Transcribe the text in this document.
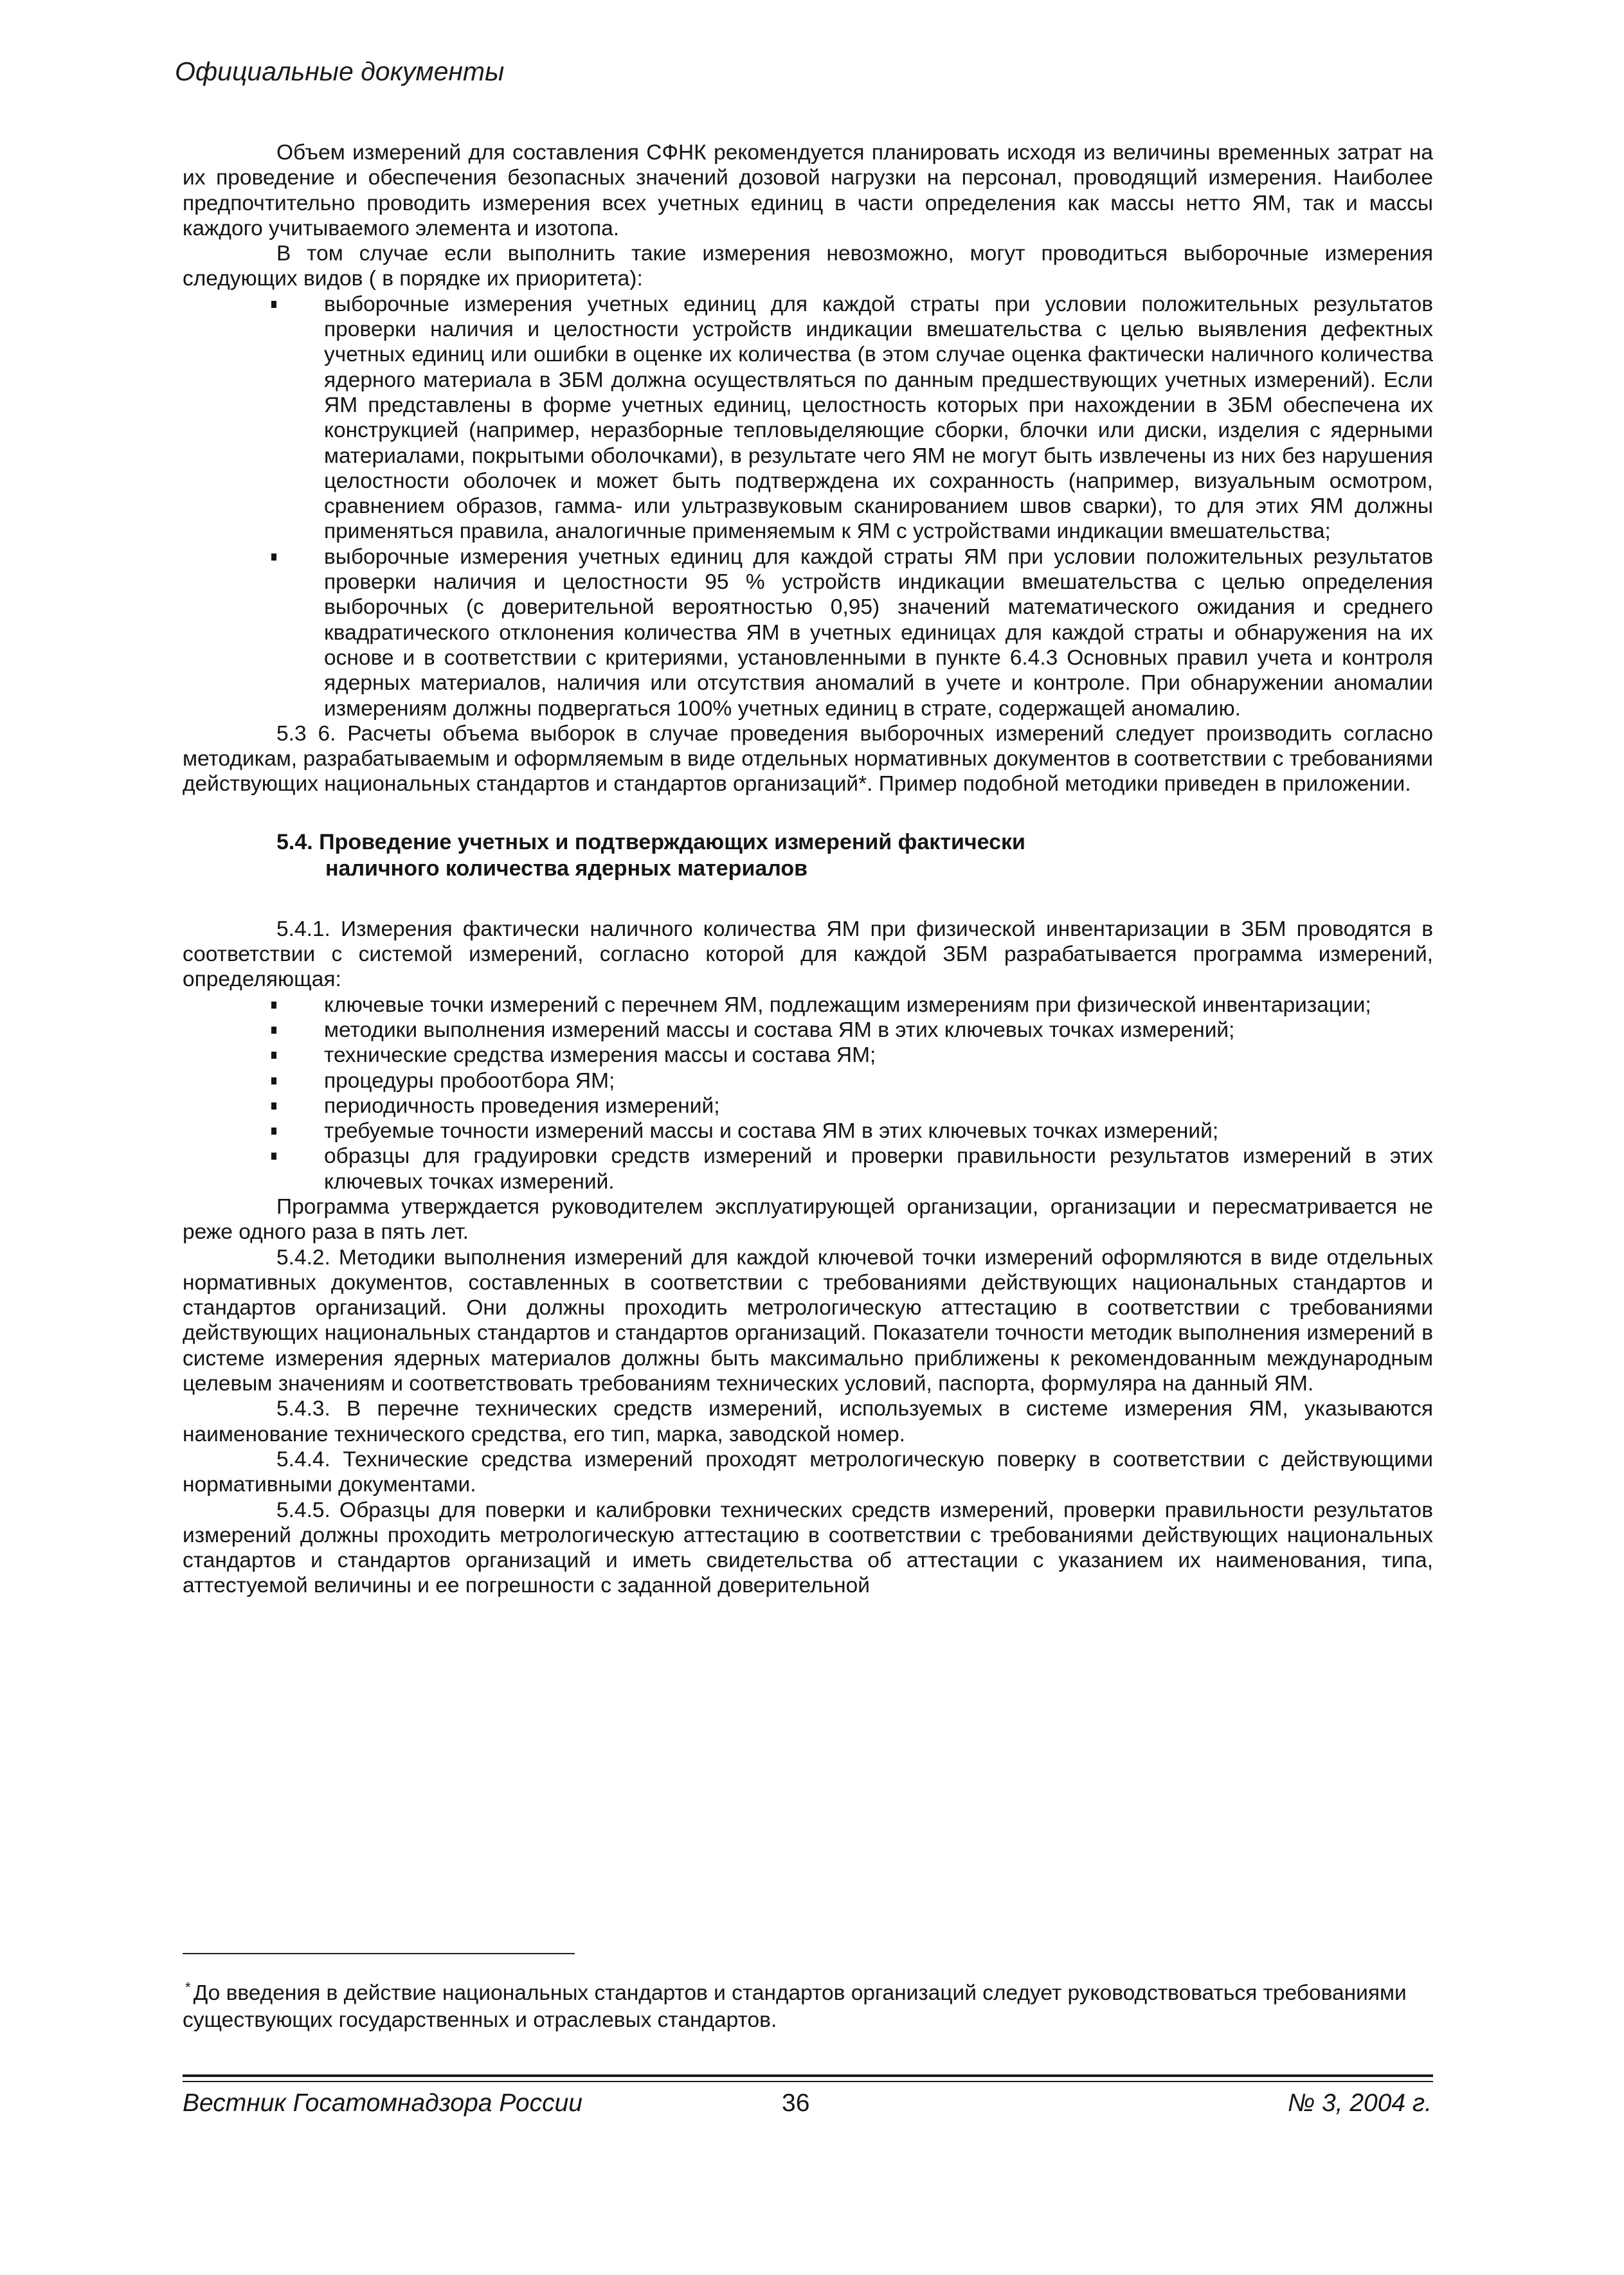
Официальные документы

Объем измерений для составления СФНК рекомендуется планировать исходя из величины временных затрат на их проведение и обеспечения безопасных значений дозовой нагрузки на персонал, проводящий измерения. Наиболее предпочтительно проводить измерения всех учетных единиц в части определения как массы нетто ЯМ, так и массы каждого учитываемого элемента и изотопа.

В том случае если выполнить такие измерения невозможно, могут проводиться выборочные измерения следующих видов ( в порядке их приоритета):

выборочные измерения учетных единиц для каждой страты при условии положительных результатов проверки наличия и целостности устройств индикации вмешательства с целью выявления дефектных учетных единиц или ошибки в оценке их количества (в этом случае оценка фактически наличного количества ядерного материала в ЗБМ должна осуществляться по данным предшествующих учетных измерений). Если ЯМ представлены в форме учетных единиц, целостность которых при нахождении в ЗБМ обеспечена их конструкцией (например, неразборные тепловыделяющие сборки, блочки или диски, изделия с ядерными материалами, покрытыми оболочками), в результате чего ЯМ не могут быть извлечены из них без нарушения целостности оболочек и может быть подтверждена их сохранность (например, визуальным осмотром, сравнением образов, гамма- или ультразвуковым сканированием швов сварки), то для этих ЯМ должны применяться правила, аналогичные применяемым к ЯМ с устройствами индикации вмешательства;
выборочные измерения учетных единиц для каждой страты ЯМ при условии положительных результатов проверки наличия и целостности 95 % устройств индикации вмешательства с целью определения выборочных (с доверительной вероятностью 0,95) значений математического ожидания и среднего квадратического отклонения количества ЯМ в учетных единицах для каждой страты и обнаружения на их основе и в соответствии с критериями, установленными в пункте 6.4.3 Основных правил учета и контроля ядерных материалов, наличия или отсутствия аномалий в учете и контроле. При обнаружении аномалии измерениям должны подвергаться 100% учетных единиц в страте, содержащей аномалию.

5.3 6. Расчеты объема выборок в случае проведения выборочных измерений следует производить согласно методикам, разрабатываемым и оформляемым в виде отдельных нормативных документов в соответствии с требованиями действующих национальных стандартов и стандартов организаций*. Пример подобной методики приведен в приложении.

5.4. Проведение учетных и подтверждающих измерений фактически
наличного количества ядерных материалов

5.4.1. Измерения фактически наличного количества ЯМ при физической инвентаризации в ЗБМ проводятся в соответствии с системой измерений, согласно которой для каждой ЗБМ разрабатывается программа измерений, определяющая:

ключевые точки измерений с перечнем ЯМ, подлежащим измерениям при физической инвентаризации;
методики выполнения измерений массы и состава ЯМ в этих ключевых точках измерений;
технические средства измерения массы и состава ЯМ;
процедуры пробоотбора ЯМ;
периодичность проведения измерений;
требуемые точности измерений массы и состава ЯМ в этих ключевых точках измерений;
образцы для градуировки средств измерений и проверки правильности результатов измерений в этих ключевых точках измерений.

Программа утверждается руководителем эксплуатирующей организации, организации и пересматривается не реже одного раза в пять лет.

5.4.2. Методики выполнения измерений для каждой ключевой точки измерений оформляются в виде отдельных нормативных документов, составленных в соответствии с требованиями действующих национальных стандартов и стандартов организаций. Они должны проходить метрологическую аттестацию в соответствии с требованиями действующих национальных стандартов и стандартов организаций. Показатели точности методик выполнения измерений в системе измерения ядерных материалов должны быть максимально приближены к рекомендованным международным целевым значениям и соответствовать требованиям технических условий, паспорта, формуляра на данный ЯМ.

5.4.3. В перечне технических средств измерений, используемых в системе измерения ЯМ, указываются наименование технического средства, его тип, марка, заводской номер.

5.4.4. Технические средства измерений проходят метрологическую поверку в соответствии с действующими нормативными документами.

5.4.5. Образцы для поверки и калибровки технических средств измерений, проверки правильности результатов измерений должны проходить метрологическую аттестацию в соответствии с требованиями действующих национальных стандартов и стандартов организаций и иметь свидетельства об аттестации с указанием их наименования, типа, аттестуемой величины и ее погрешности с заданной доверительной

* До введения в действие национальных стандартов и стандартов организаций следует руководствоваться требованиями существующих государственных и отраслевых стандартов.
Вестник Госатомнадзора России	36	№ 3, 2004 г.
